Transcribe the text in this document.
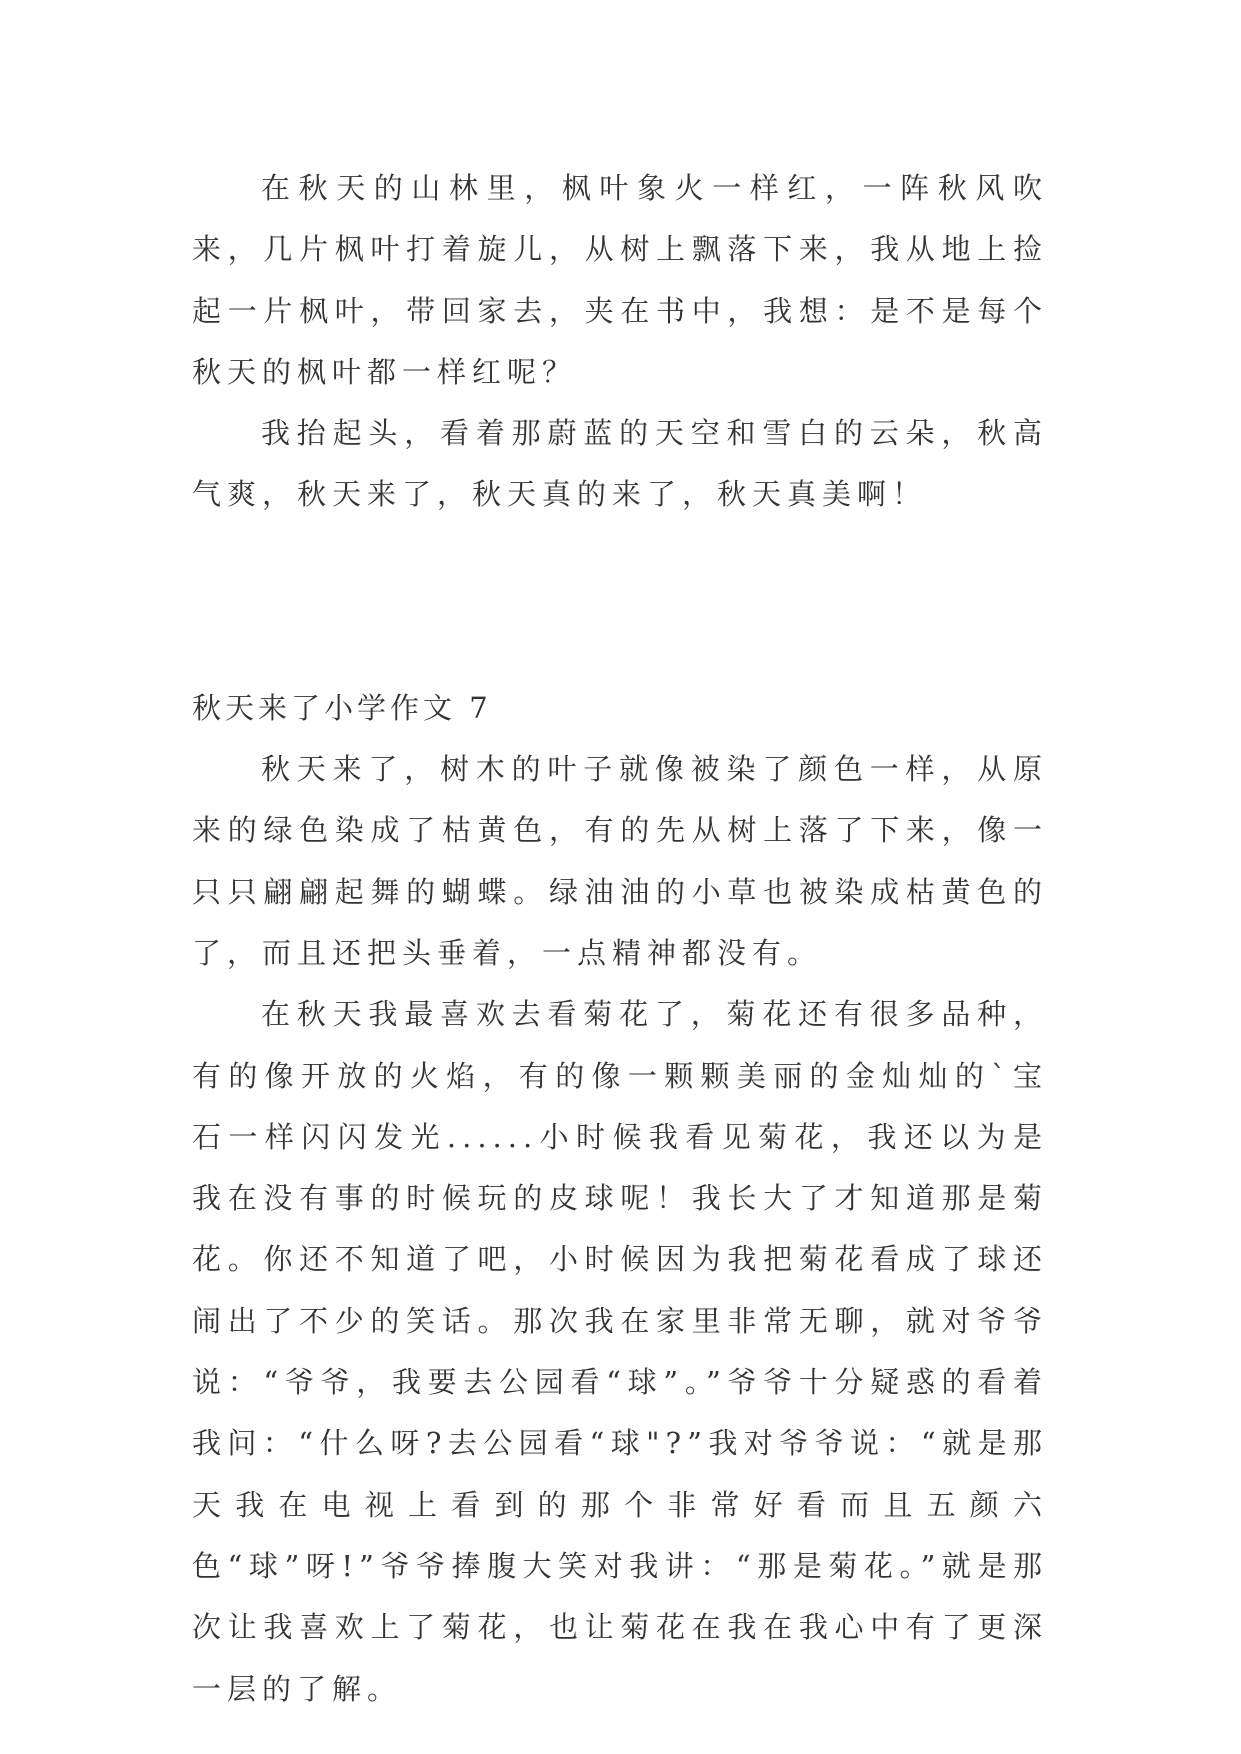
在秋天的山林里，枫叶象火一样红，一阵秋风吹来，几片枫叶打着旋儿，从树上飘落下来，我从地上捡起一片枫叶，带回家去，夹在书中，我想：是不是每个秋天的枫叶都一样红呢？

我抬起头，看着那蔚蓝的天空和雪白的云朵，秋高气爽，秋天来了，秋天真的来了，秋天真美啊！

秋天来了小学作文 7

秋天来了，树木的叶子就像被染了颜色一样，从原来的绿色染成了枯黄色，有的先从树上落了下来，像一只只翩翩起舞的蝴蝶。绿油油的小草也被染成枯黄色的了，而且还把头垂着，一点精神都没有。

在秋天我最喜欢去看菊花了，菊花还有很多品种，有的像开放的火焰，有的像一颗颗美丽的金灿灿的`宝石一样闪闪发光......小时候我看见菊花，我还以为是我在没有事的时候玩的皮球呢！我长大了才知道那是菊花。你还不知道了吧，小时候因为我把菊花看成了球还闹出了不少的笑话。那次我在家里非常无聊，就对爷爷说：“爷爷，我要去公园看“球”。”爷爷十分疑惑的看着我问：“什么呀?去公园看“球"?”我对爷爷说：“就是那天我在电视上看到的那个非常好看而且五颜六色“球”呀!”爷爷捧腹大笑对我讲：“那是菊花。”就是那次让我喜欢上了菊花，也让菊花在我在我心中有了更深一层的了解。
